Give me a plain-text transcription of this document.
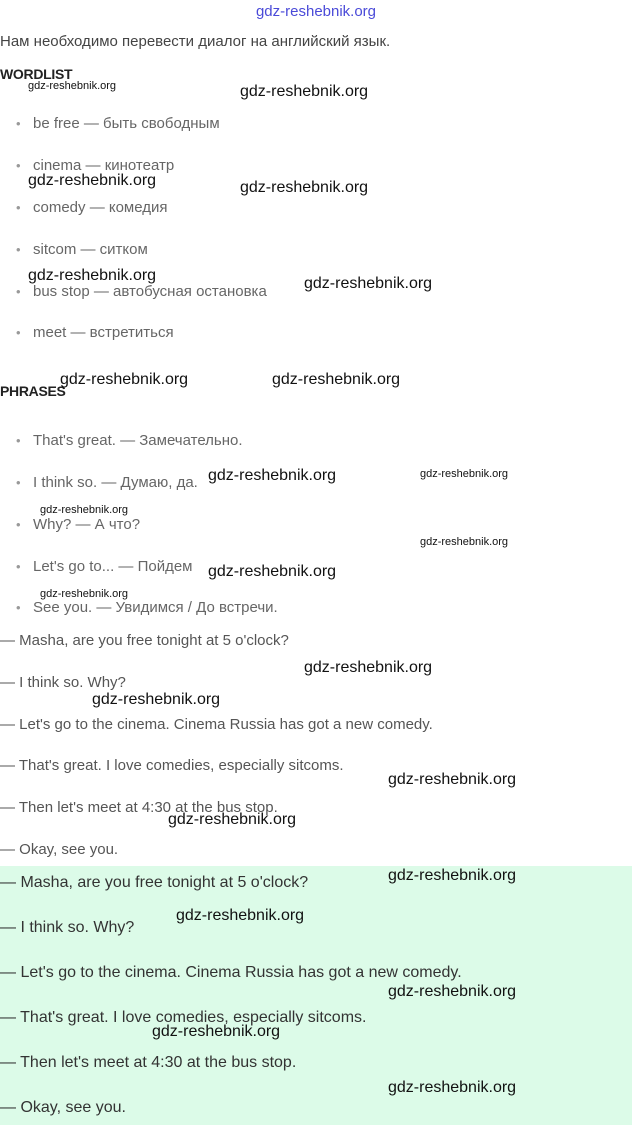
gdz-reshebnik.org
Нам необходимо перевести диалог на английский язык.
WORDLIST
• be free — быть свободным
• cinema — кинотеатр
• comedy — комедия
• sitcom — ситком
• bus stop — автобусная остановка
• meet — встретиться
PHRASES
• That's great. — Замечательно.
• I think so. — Думаю, да.
• Why? — А что?
• Let's go to... — Пойдем
• See you. — Увидимся / До встречи.
— Masha, are you free tonight at 5 o'clock?
— I think so. Why?
— Let's go to the cinema. Cinema Russia has got a new comedy.
— That's great. I love comedies, especially sitcoms.
— Then let's meet at 4:30 at the bus stop.
— Okay, see you.
— Masha, are you free tonight at 5 o'clock?
— I think so. Why?
— Let's go to the cinema. Cinema Russia has got a new comedy.
— That's great. I love comedies, especially sitcoms.
— Then let's meet at 4:30 at the bus stop.
— Okay, see you.
gdz-reshebnik.org	gdz-reshebnik.org
gdz-reshebnik.org	gdz-reshebnik.org
gdz-reshebnik.org	gdz-reshebnik.org
gdz-reshebnik.org	gdz-reshebnik.org
gdz-reshebnik.org	gdz-reshebnik.org
gdz-reshebnik.org
gdz-reshebnik.org
gdz-reshebnik.org
gdz-reshebnik.org
gdz-reshebnik.org
gdz-reshebnik.org
gdz-reshebnik.org
gdz-reshebnik.org
gdz-reshebnik.org
gdz-reshebnik.org
gdz-reshebnik.org
gdz-reshebnik.org
gdz-reshebnik.org
